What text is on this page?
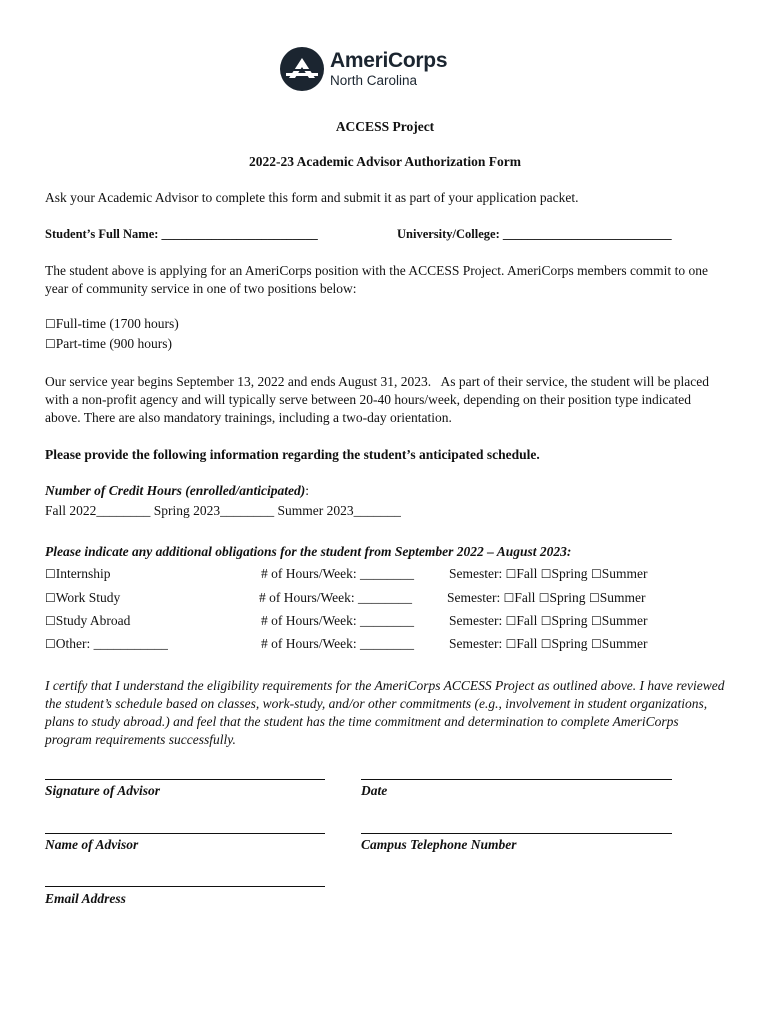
AmeriCorps
North Carolina
ACCESS Project
2022-23 Academic Advisor Authorization Form
Ask your Academic Advisor to complete this form and submit it as part of your application packet.
Student’s Full Name: _________________________	University/College: ___________________________
The student above is applying for an AmeriCorps position with the ACCESS Project. AmeriCorps members commit to one year of community service in one of two positions below:
☐Full-time (1700 hours)
☐Part-time (900 hours)
Our service year begins September 13, 2022 and ends August 31, 2023.   As part of their service, the student will be placed with a non-profit agency and will typically serve between 20-40 hours/week, depending on their position type indicated above. There are also mandatory trainings, including a two-day orientation.
Please provide the following information regarding the student’s anticipated schedule.
Number of Credit Hours (enrolled/anticipated):
Fall 2022________ Spring 2023________ Summer 2023_______
Please indicate any additional obligations for the student from September 2022 – August 2023:
☐Internship	# of Hours/Week: ________	Semester: ☐Fall ☐Spring ☐Summer
☐Work Study	# of Hours/Week: ________	Semester: ☐Fall ☐Spring ☐Summer
☐Study Abroad	# of Hours/Week: ________	Semester: ☐Fall ☐Spring ☐Summer
☐Other: ___________	# of Hours/Week: ________	Semester: ☐Fall ☐Spring ☐Summer
I certify that I understand the eligibility requirements for the AmeriCorps ACCESS Project as outlined above. I have reviewed the student’s schedule based on classes, work-study, and/or other commitments (e.g., involvement in student organizations, plans to study abroad.) and feel that the student has the time commitment and determination to complete AmeriCorps program requirements successfully.
Signature of Advisor	Date
Name of Advisor	Campus Telephone Number
Email Address
